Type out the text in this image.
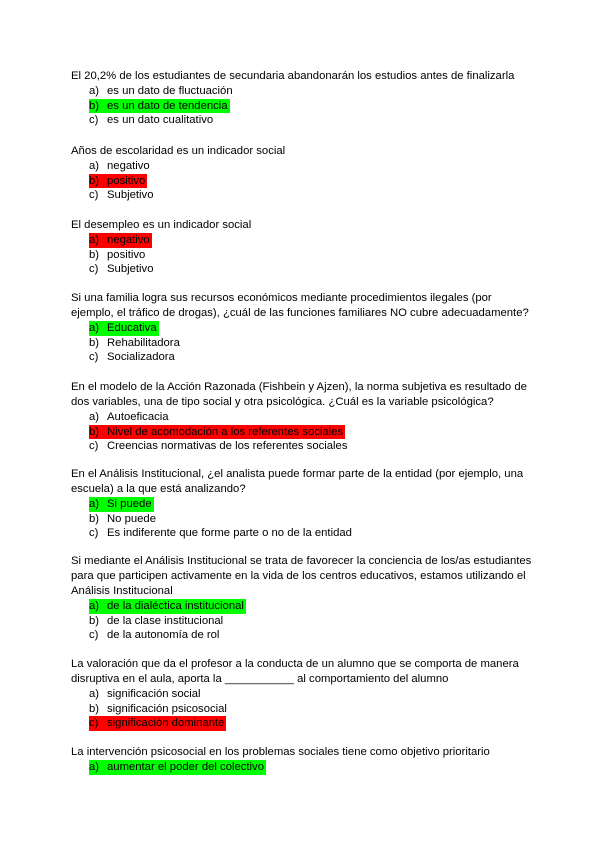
El 20,2% de los estudiantes de secundaria abandonarán los estudios antes de finalizarla

a) es un dato de fluctuación
b) es un dato de tendencia
c) es un dato cualitativo

Años de escolaridad es un indicador social

a) negativo
b) positivo
c) Subjetivo

El desempleo es un indicador social

a) negativo
b) positivo
c) Subjetivo

Si una familia logra sus recursos económicos mediante procedimientos ilegales (por ejemplo, el tráfico de drogas), ¿cuál de las funciones familiares NO cubre adecuadamente?

a) Educativa
b) Rehabilitadora
c) Socializadora

En el modelo de la Acción Razonada (Fishbein y Ajzen), la norma subjetiva es resultado de dos variables, una de tipo social y otra psicológica. ¿Cuál es la variable psicológica?

a) Autoeficacia
b) Nivel de acomodación a los referentes sociales
c) Creencias normativas de los referentes sociales

En el Análisis Institucional, ¿el analista puede formar parte de la entidad (por ejemplo, una escuela) a la que está analizando?

a) Si puede
b) No puede
c) Es indiferente que forme parte o no de la entidad

Si mediante el Análisis Institucional se trata de favorecer la conciencia de los/as estudiantes para que participen activamente en la vida de los centros educativos, estamos utilizando el Análisis Institucional

a) de la dialéctica institucional
b) de la clase institucional
c) de la autonomía de rol

La valoración que da el profesor a la conducta de un alumno que se comporta de manera disruptiva en el aula, aporta la ___________ al comportamiento del alumno

a) significación social
b) significación psicosocial
c) significación dominante

La intervención psicosocial en los problemas sociales tiene como objetivo prioritario

a) aumentar el poder del colectivo
